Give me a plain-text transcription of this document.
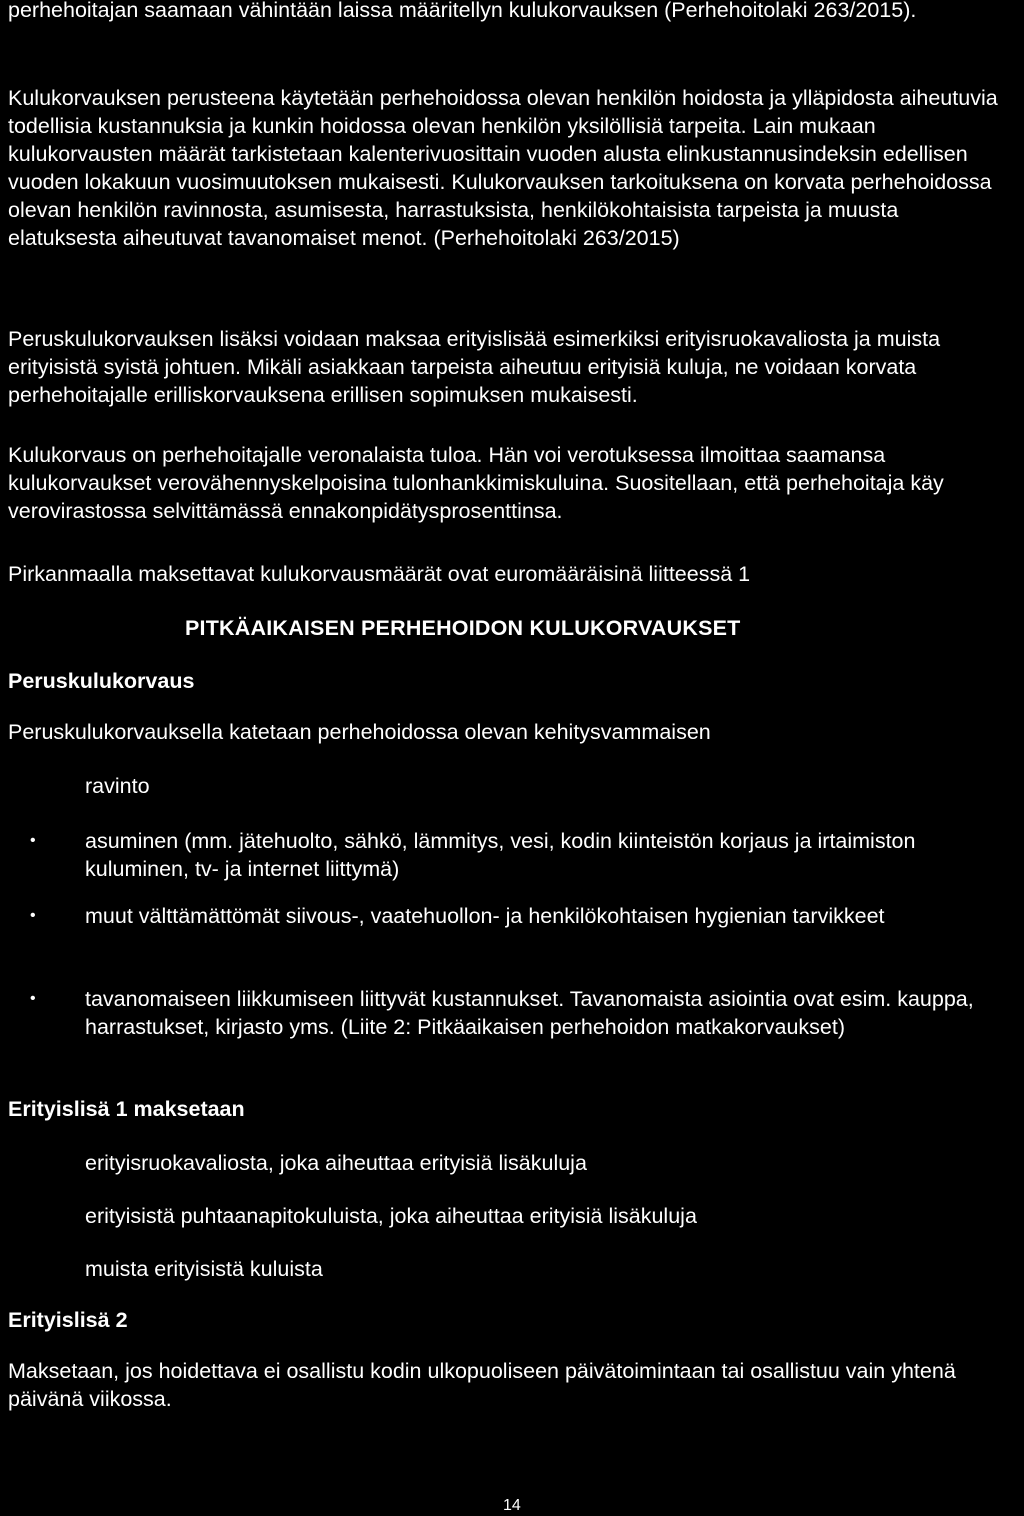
perhehoitajan saamaan vähintään laissa määritellyn kulukorvauksen (Perhehoitolaki 263/2015).

Kulukorvauksen perusteena käytetään perhehoidossa olevan henkilön hoidosta ja ylläpidosta aiheutuvia todellisia kustannuksia ja kunkin hoidossa olevan henkilön yksilöllisiä tarpeita. Lain mukaan kulukorvausten määrät tarkistetaan kalenterivuosittain vuoden alusta elinkustannusindeksin edellisen vuoden lokakuun vuosimuutoksen mukaisesti. Kulukorvauksen tarkoituksena on korvata perhehoidossa olevan henkilön ravinnosta, asumisesta, harrastuksista, henkilökohtaisista tarpeista ja muusta elatuksesta aiheutuvat tavanomaiset menot. (Perhehoitolaki 263/2015)

Peruskulukorvauksen lisäksi voidaan maksaa erityislisää esimerkiksi erityisruokavaliosta ja muista erityisistä syistä johtuen. Mikäli asiakkaan tarpeista aiheutuu erityisiä kuluja, ne voidaan korvata perhehoitajalle erilliskorvauksena erillisen sopimuksen mukaisesti.

Kulukorvaus on perhehoitajalle veronalaista tuloa. Hän voi verotuksessa ilmoittaa saamansa kulukorvaukset verovähennyskelpoisina tulonhankkimiskuluina. Suositellaan, että perhehoitaja käy verovirastossa selvittämässä ennakonpidätysprosenttinsa.

Pirkanmaalla maksettavat kulukorvausmäärät ovat euromääräisinä liitteessä 1

PITKÄAIKAISEN PERHEHOIDON KULUKORVAUKSET
Peruskulukorvaus

Peruskulukorvauksella katetaan perhehoidossa olevan kehitysvammaisen

ravinto
• asuminen (mm. jätehuolto, sähkö, lämmitys, vesi, kodin kiinteistön korjaus ja irtaimiston kuluminen, tv- ja internet liittymä)
• muut välttämättömät siivous-, vaatehuollon- ja henkilökohtaisen hygienian tarvikkeet
• tavanomaiseen liikkumiseen liittyvät kustannukset. Tavanomaista asiointia ovat esim. kauppa, harrastukset, kirjasto yms. (Liite 2: Pitkäaikaisen perhehoidon matkakorvaukset)
Erityislisä 1 maksetaan
erityisruokavaliosta, joka aiheuttaa erityisiä lisäkuluja
erityisistä puhtaanapitokuluista, joka aiheuttaa erityisiä lisäkuluja
muista erityisistä kuluista
Erityislisä 2

Maksetaan, jos hoidettava ei osallistu kodin ulkopuoliseen päivätoimintaan tai osallistuu vain yhtenä päivänä viikossa.

14
